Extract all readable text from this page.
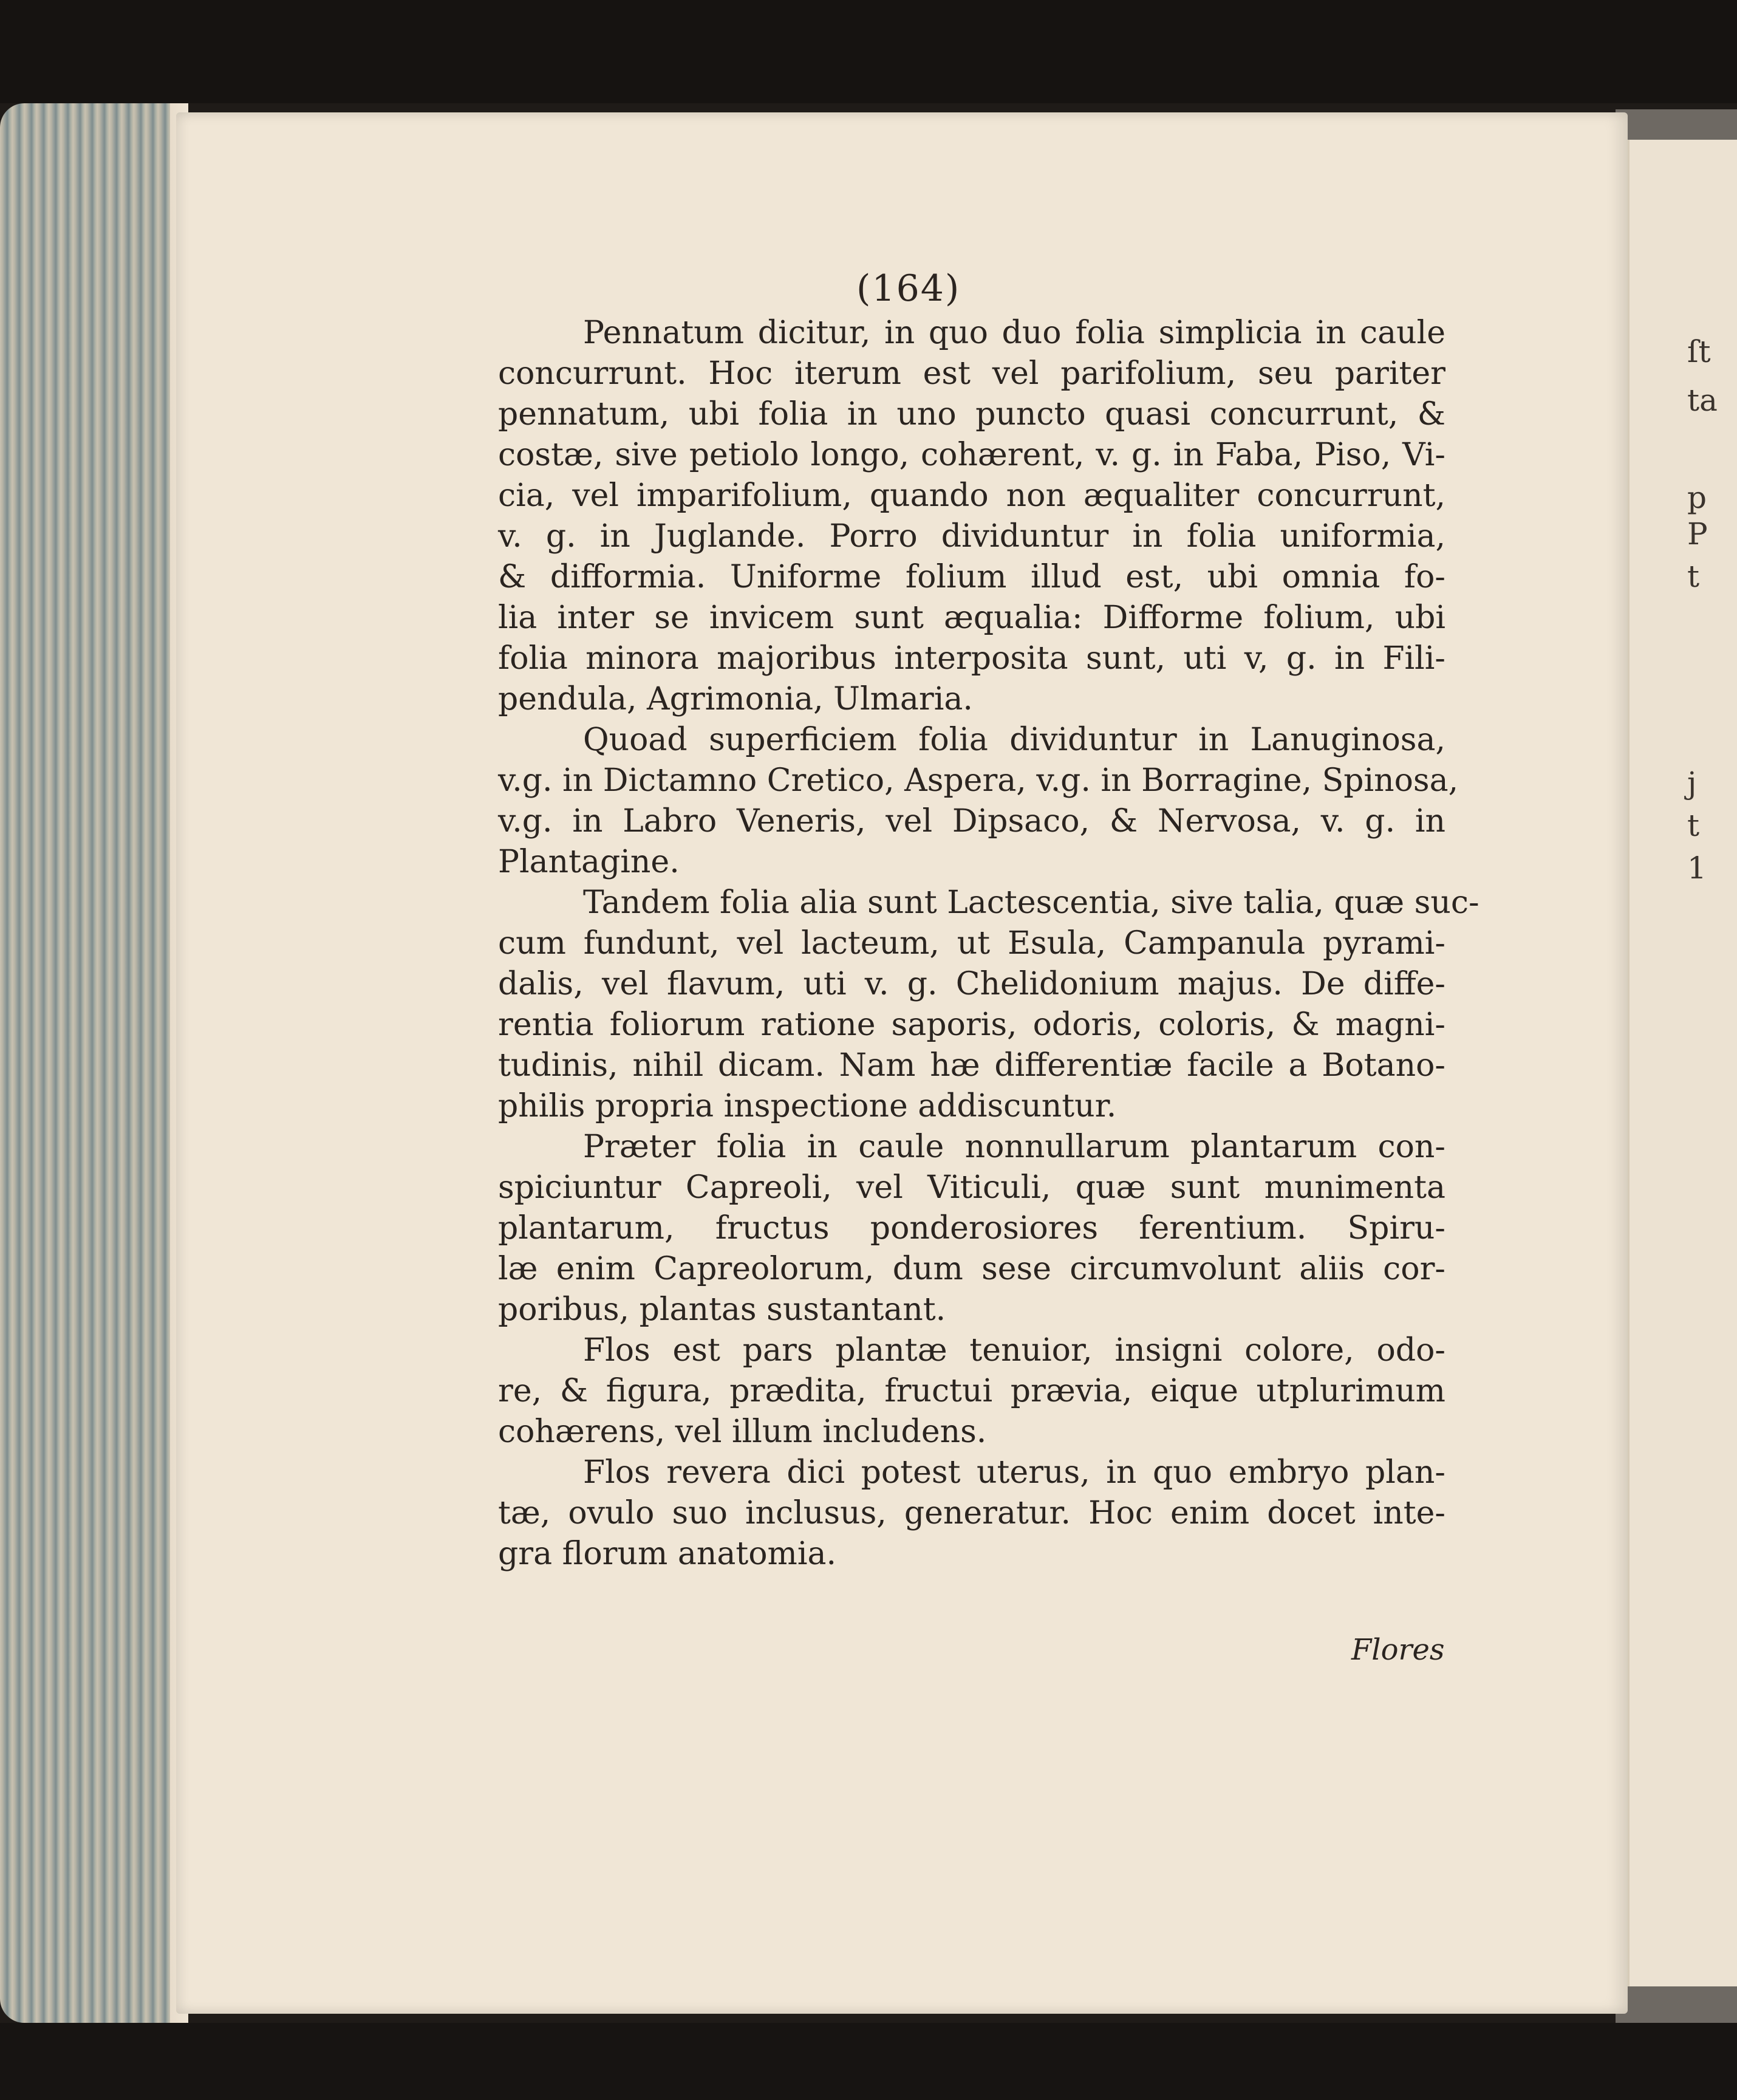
ſt
ta
p
P
t
j
t
1
(164)
Pennatum dicitur, in quo duo folia simplicia in caule
concurrunt. Hoc iterum est vel parifolium, seu pariter
pennatum, ubi folia in uno puncto quasi concurrunt, &
costæ, sive petiolo longo, cohærent, v. g. in Faba, Piso, Vi-
cia, vel imparifolium, quando non æqualiter concurrunt,
v. g. in Juglande. Porro dividuntur in folia uniformia,
& difformia. Uniforme folium illud est, ubi omnia fo-
lia inter se invicem sunt æqualia: Difforme folium, ubi
folia minora majoribus interposita sunt, uti v, g. in Fili-
pendula, Agrimonia, Ulmaria.
Quoad superficiem folia dividuntur in Lanuginosa,
v.g. in Dictamno Cretico, Aspera, v.g. in Borragine, Spinosa,
v.g. in Labro Veneris, vel Dipsaco, & Nervosa, v. g. in
Plantagine.
Tandem folia alia sunt Lactescentia, sive talia, quæ suc-
cum fundunt, vel lacteum, ut Esula, Campanula pyrami-
dalis, vel flavum, uti v. g. Chelidonium majus. De diffe-
rentia foliorum ratione saporis, odoris, coloris, & magni-
tudinis, nihil dicam. Nam hæ differentiæ facile a Botano-
philis propria inspectione addiscuntur.
Præter folia in caule nonnullarum plantarum con-
spiciuntur Capreoli, vel Viticuli, quæ sunt munimenta
plantarum, fructus ponderosiores ferentium. Spiru-
læ enim Capreolorum, dum sese circumvolunt aliis cor-
poribus, plantas sustantant.
Flos est pars plantæ tenuior, insigni colore, odo-
re, & figura, prædita, fructui prævia, eique utplurimum
cohærens, vel illum includens.
Flos revera dici potest uterus, in quo embryo plan-
tæ, ovulo suo inclusus, generatur. Hoc enim docet inte-
gra florum anatomia.
Flores
